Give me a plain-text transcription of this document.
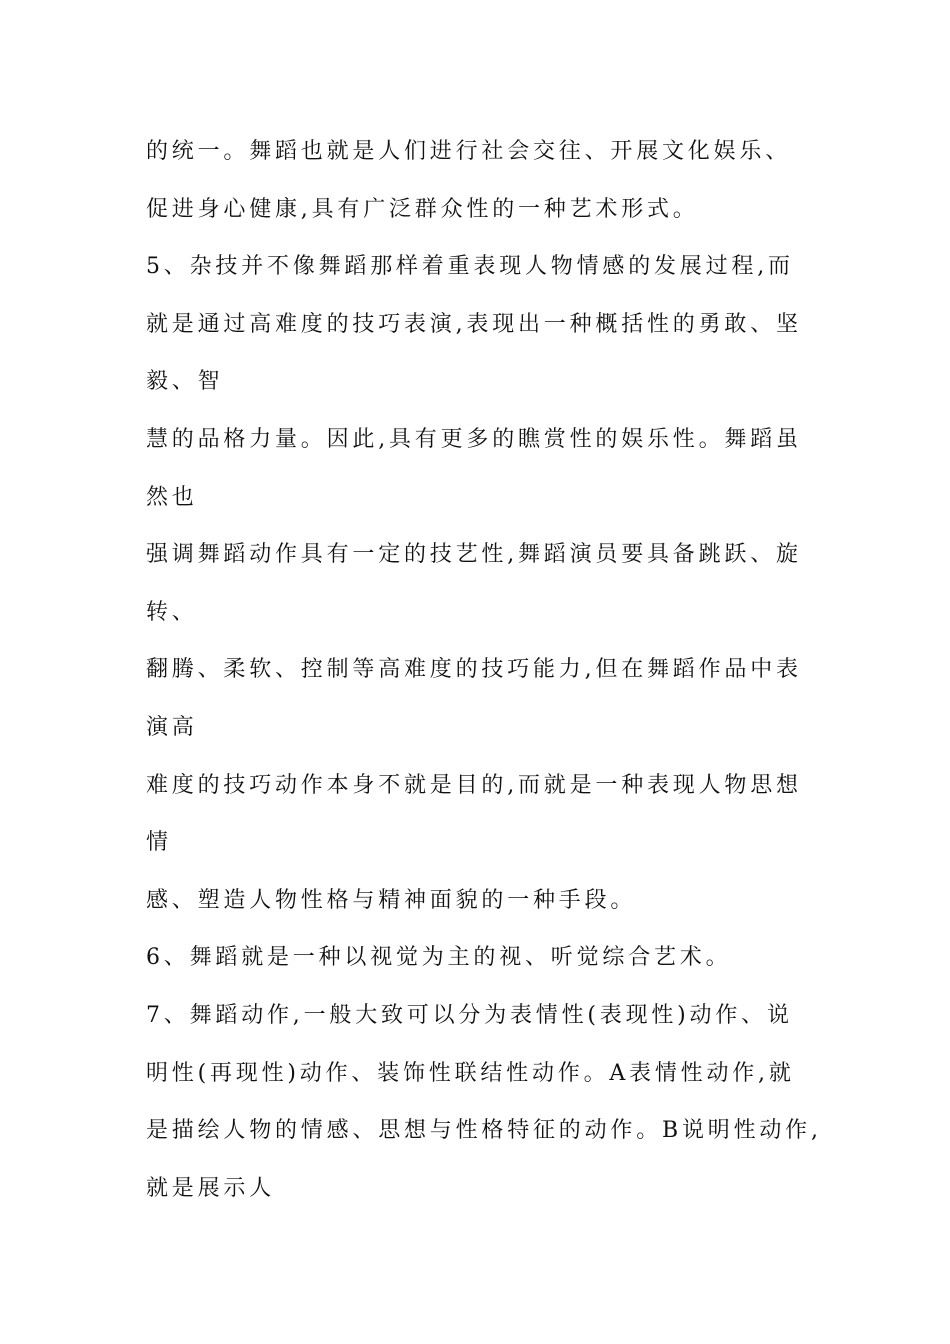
的统一。舞蹈也就是人们进行社会交往、开展文化娱乐、
促进身心健康,具有广泛群众性的一种艺术形式。
5、杂技并不像舞蹈那样着重表现人物情感的发展过程,而
就是通过高难度的技巧表演,表现出一种概括性的勇敢、坚
毅、智
慧的品格力量。因此,具有更多的瞧赏性的娱乐性。舞蹈虽
然也
强调舞蹈动作具有一定的技艺性,舞蹈演员要具备跳跃、旋
转、
翻腾、柔软、控制等高难度的技巧能力,但在舞蹈作品中表
演高
难度的技巧动作本身不就是目的,而就是一种表现人物思想
情
感、塑造人物性格与精神面貌的一种手段。
6、舞蹈就是一种以视觉为主的视、听觉综合艺术。
7、舞蹈动作,一般大致可以分为表情性(表现性)动作、说
明性(再现性)动作、装饰性联结性动作。A表情性动作,就
是描绘人物的情感、思想与性格特征的动作。B说明性动作,
就是展示人
